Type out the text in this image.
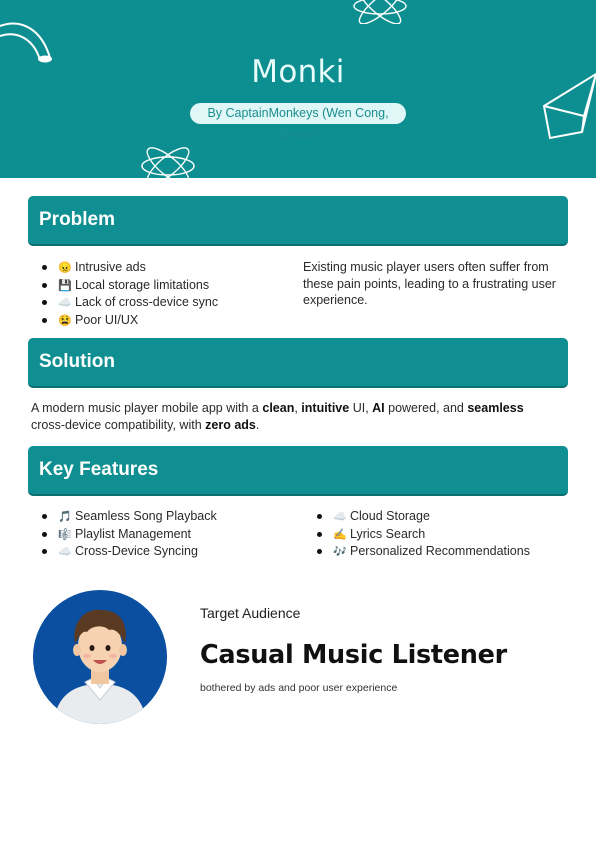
Monki
By CaptainMonkeys (Wen Cong, Derek)
Problem
😠 Intrusive ads
💾 Local storage limitations
☁️ Lack of cross-device sync
😫 Poor UI/UX
Existing music player users often suffer from these pain points, leading to a frustrating user experience.
Solution
A modern music player mobile app with a clean, intuitive UI, AI powered, and seamless cross-device compatibility, with zero ads.
Key Features
🎵 Seamless Song Playback
🎼 Playlist Management
☁️ Cross-Device Syncing
☁️ Cloud Storage
✍️ Lyrics Search
🎶 Personalized Recommendations
Target Audience
Casual Music Listener
bothered by ads and poor user experience
